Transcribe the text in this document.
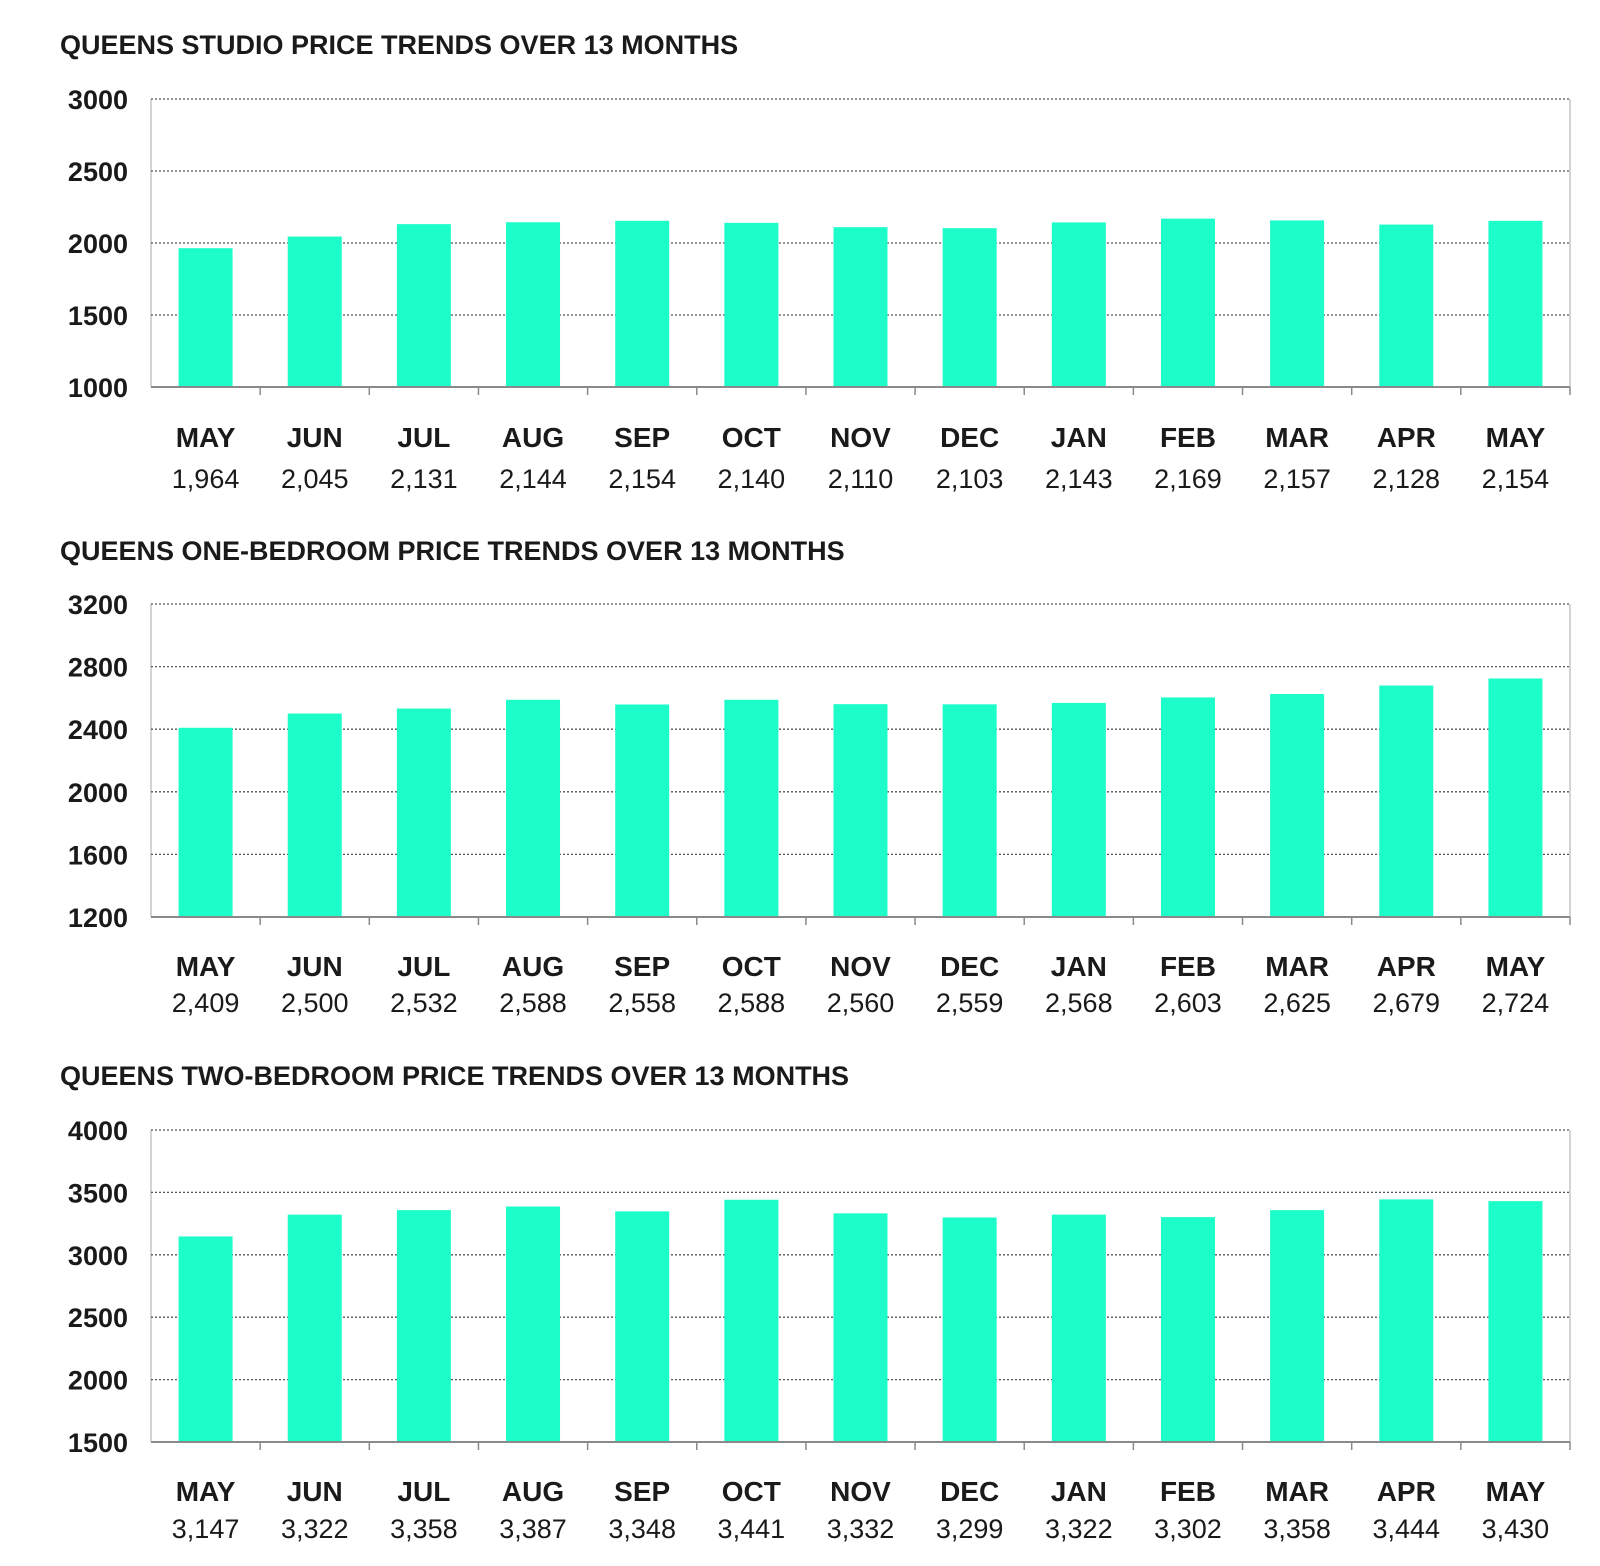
QUEENS STUDIO PRICE TRENDS OVER 13 MONTHS
1000
1500
2000
2500
3000
MAY
1,964
JUN
2,045
JUL
2,131
AUG
2,144
SEP
2,154
OCT
2,140
NOV
2,110
DEC
2,103
JAN
2,143
FEB
2,169
MAR
2,157
APR
2,128
MAY
2,154
QUEENS ONE-BEDROOM PRICE TRENDS OVER 13 MONTHS
1200
1600
2000
2400
2800
3200
MAY
2,409
JUN
2,500
JUL
2,532
AUG
2,588
SEP
2,558
OCT
2,588
NOV
2,560
DEC
2,559
JAN
2,568
FEB
2,603
MAR
2,625
APR
2,679
MAY
2,724
QUEENS TWO-BEDROOM PRICE TRENDS OVER 13 MONTHS
1500
2000
2500
3000
3500
4000
MAY
3,147
JUN
3,322
JUL
3,358
AUG
3,387
SEP
3,348
OCT
3,441
NOV
3,332
DEC
3,299
JAN
3,322
FEB
3,302
MAR
3,358
APR
3,444
MAY
3,430
